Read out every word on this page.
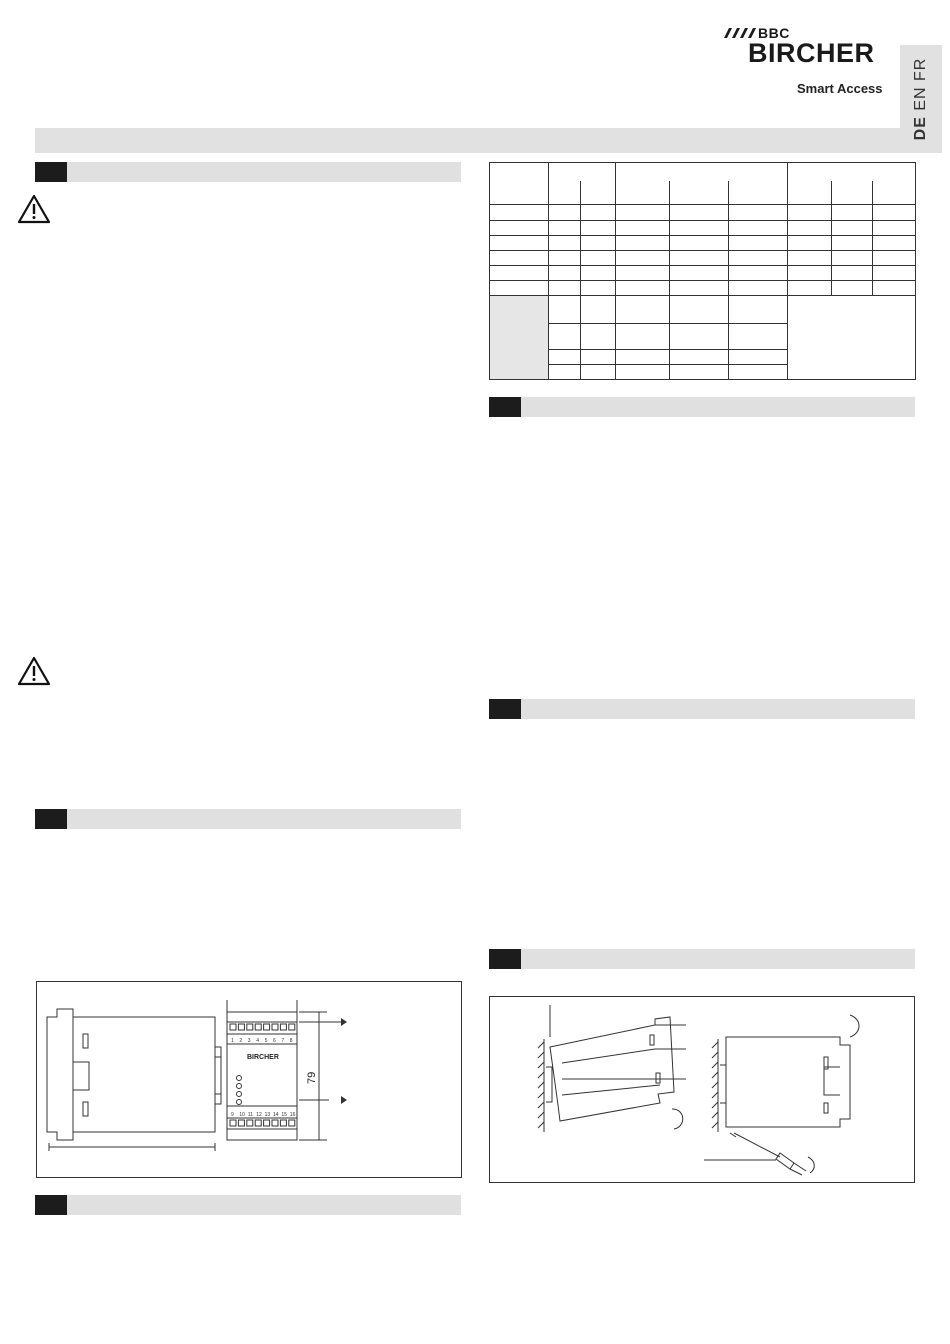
BBC
BIRCHER
Smart Access
DE EN FR
1 2 3 4 5 6 7 8
9 10 11 12 13 14 15 16
BIRCHER
79
